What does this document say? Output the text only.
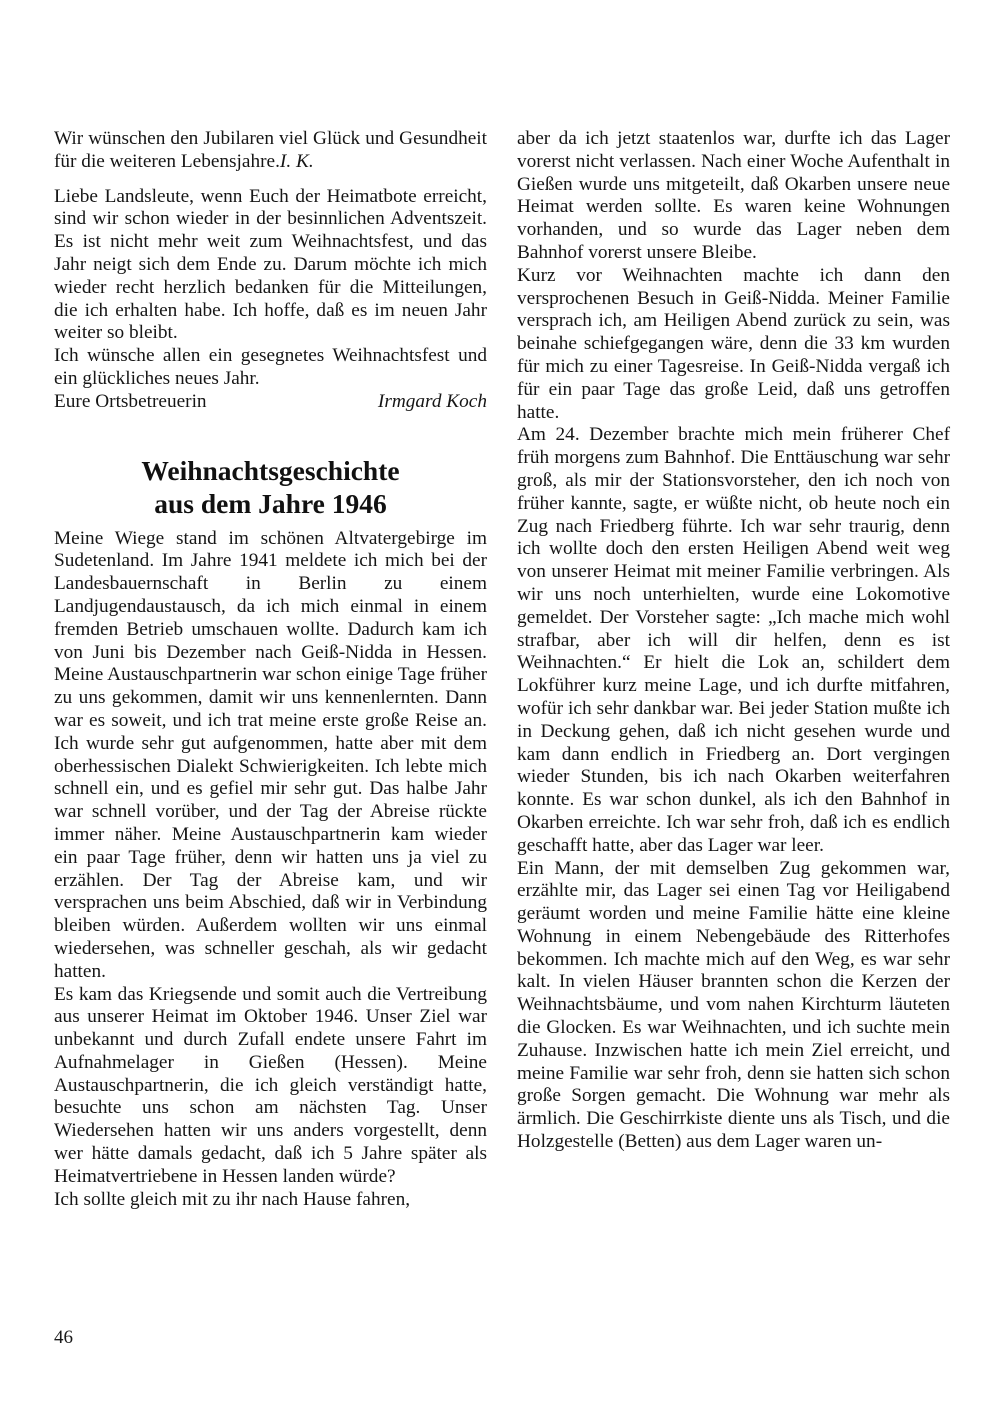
Wir wünschen den Jubilaren viel Glück und Gesundheit für die weiteren Lebensjahre.I. K.

Liebe Landsleute, wenn Euch der Heimatbote erreicht, sind wir schon wieder in der besinnlichen Adventszeit. Es ist nicht mehr weit zum Weihnachtsfest, und das Jahr neigt sich dem Ende zu. Darum möchte ich mich wieder recht herzlich bedanken für die Mitteilungen, die ich erhalten habe. Ich hoffe, daß es im neuen Jahr weiter so bleibt.

Ich wünsche allen ein gesegnetes Weihnachtsfest und ein glückliches neues Jahr.

Eure Ortsbetreuerin	Irmgard Koch

Weihnachtsgeschichte
aus dem Jahre 1946

Meine Wiege stand im schönen Altvatergebirge im Sudetenland. Im Jahre 1941 meldete ich mich bei der Landesbauernschaft in Berlin zu einem Landjugendaustausch, da ich mich einmal in einem fremden Betrieb umschauen wollte. Dadurch kam ich von Juni bis Dezember nach Geiß-Nidda in Hessen. Meine Austauschpartnerin war schon einige Tage früher zu uns gekommen, damit wir uns kennenlernten. Dann war es soweit, und ich trat meine erste große Reise an. Ich wurde sehr gut aufgenommen, hatte aber mit dem oberhessischen Dialekt Schwierigkeiten. Ich lebte mich schnell ein, und es gefiel mir sehr gut. Das halbe Jahr war schnell vorüber, und der Tag der Abreise rückte immer näher. Meine Austauschpartnerin kam wieder ein paar Tage früher, denn wir hatten uns ja viel zu erzählen. Der Tag der Abreise kam, und wir versprachen uns beim Abschied, daß wir in Verbindung bleiben würden. Außerdem wollten wir uns einmal wiedersehen, was schneller geschah, als wir gedacht hatten.

Es kam das Kriegsende und somit auch die Vertreibung aus unserer Heimat im Oktober 1946. Unser Ziel war unbekannt und durch Zufall endete unsere Fahrt im Aufnahmelager in Gießen (Hessen). Meine Austauschpartnerin, die ich gleich verständigt hatte, besuchte uns schon am nächsten Tag. Unser Wiedersehen hatten wir uns anders vorgestellt, denn wer hätte damals gedacht, daß ich 5 Jahre später als Heimatvertriebene in Hessen landen würde?

Ich sollte gleich mit zu ihr nach Hause fahren,

aber da ich jetzt staatenlos war, durfte ich das Lager vorerst nicht verlassen. Nach einer Woche Aufenthalt in Gießen wurde uns mitgeteilt, daß Okarben unsere neue Heimat werden sollte. Es waren keine Wohnungen vorhanden, und so wurde das Lager neben dem Bahnhof vorerst unsere Bleibe.

Kurz vor Weihnachten machte ich dann den versprochenen Besuch in Geiß-Nidda. Meiner Familie versprach ich, am Heiligen Abend zurück zu sein, was beinahe schiefgegangen wäre, denn die 33 km wurden für mich zu einer Tagesreise. In Geiß-Nidda vergaß ich für ein paar Tage das große Leid, daß uns getroffen hatte.

Am 24. Dezember brachte mich mein früherer Chef früh morgens zum Bahnhof. Die Enttäuschung war sehr groß, als mir der Stationsvorsteher, den ich noch von früher kannte, sagte, er wüßte nicht, ob heute noch ein Zug nach Friedberg führte. Ich war sehr traurig, denn ich wollte doch den ersten Heiligen Abend weit weg von unserer Heimat mit meiner Familie verbringen. Als wir uns noch unterhielten, wurde eine Lokomotive gemeldet. Der Vorsteher sagte: „Ich mache mich wohl strafbar, aber ich will dir helfen, denn es ist Weihnachten.“ Er hielt die Lok an, schildert dem Lokführer kurz meine Lage, und ich durfte mitfahren, wofür ich sehr dankbar war. Bei jeder Station mußte ich in Deckung gehen, daß ich nicht gesehen wurde und kam dann endlich in Friedberg an. Dort vergingen wieder Stunden, bis ich nach Okarben weiterfahren konnte. Es war schon dunkel, als ich den Bahnhof in Okarben erreichte. Ich war sehr froh, daß ich es endlich geschafft hatte, aber das Lager war leer.

Ein Mann, der mit demselben Zug gekommen war, erzählte mir, das Lager sei einen Tag vor Heiligabend geräumt worden und meine Familie hätte eine kleine Wohnung in einem Nebengebäude des Ritterhofes bekommen. Ich machte mich auf den Weg, es war sehr kalt. In vielen Häuser brannten schon die Kerzen der Weihnachtsbäume, und vom nahen Kirchturm läuteten die Glocken. Es war Weihnachten, und ich suchte mein Zuhause. Inzwischen hatte ich mein Ziel erreicht, und meine Familie war sehr froh, denn sie hatten sich schon große Sorgen gemacht. Die Wohnung war mehr als ärmlich. Die Geschirrkiste diente uns als Tisch, und die Holzgestelle (Betten) aus dem Lager waren un-

46
